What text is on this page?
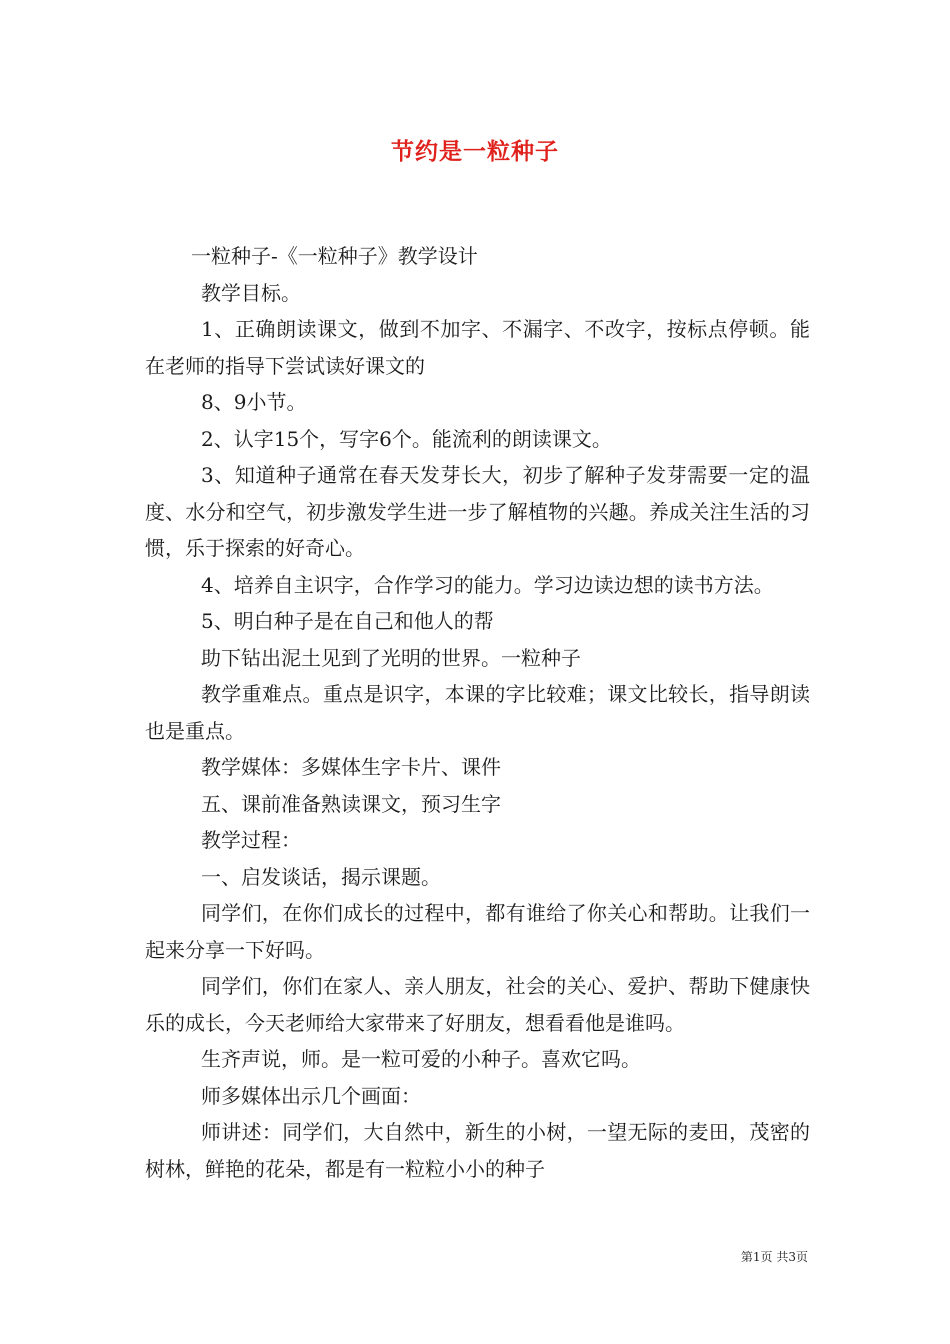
节约是一粒种子

一粒种子-《一粒种子》教学设计

教学目标。

1、正确朗读课文，做到不加字、不漏字、不改字，按标点停顿。能在老师的指导下尝试读好课文的

8、9小节。

2、认字15个，写字6个。能流利的朗读课文。

3、知道种子通常在春天发芽长大，初步了解种子发芽需要一定的温度、水分和空气，初步激发学生进一步了解植物的兴趣。养成关注生活的习惯，乐于探索的好奇心。

4、培养自主识字，合作学习的能力。学习边读边想的读书方法。

5、明白种子是在自己和他人的帮

助下钻出泥土见到了光明的世界。一粒种子

教学重难点。重点是识字，本课的字比较难；课文比较长，指导朗读也是重点。

教学媒体：多媒体生字卡片、课件

五、课前准备熟读课文，预习生字

教学过程：

一、启发谈话，揭示课题。

同学们，在你们成长的过程中，都有谁给了你关心和帮助。让我们一起来分享一下好吗。

同学们，你们在家人、亲人朋友，社会的关心、爱护、帮助下健康快乐的成长，今天老师给大家带来了好朋友，想看看他是谁吗。

生齐声说，师。是一粒可爱的小种子。喜欢它吗。

师多媒体出示几个画面：

师讲述：同学们，大自然中，新生的小树，一望无际的麦田，茂密的树林，鲜艳的花朵，都是有一粒粒小小的种子

第1页 共3页
